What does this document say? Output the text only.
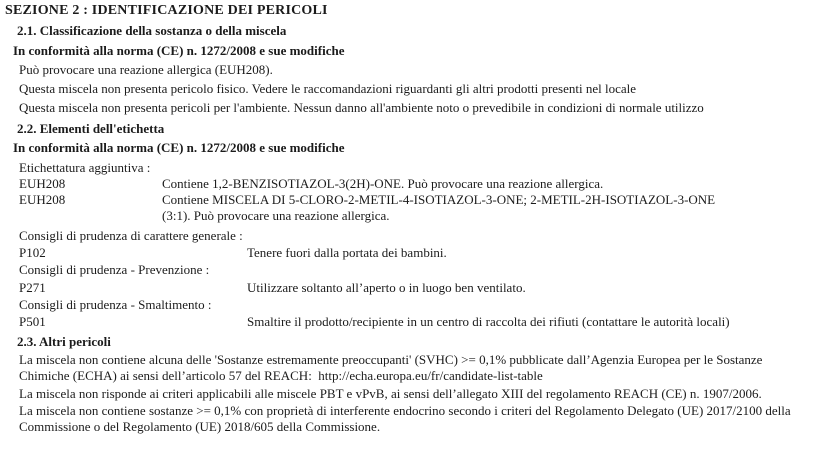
SEZIONE 2 : IDENTIFICAZIONE DEI PERICOLI
2.1. Classificazione della sostanza o della miscela
In conformità alla norma (CE) n. 1272/2008 e sue modifiche
Può provocare una reazione allergica (EUH208).
Questa miscela non presenta pericolo fisico. Vedere le raccomandazioni riguardanti gli altri prodotti presenti nel locale
Questa miscela non presenta pericoli per l'ambiente. Nessun danno all'ambiente noto o prevedibile in condizioni di normale utilizzo
2.2. Elementi dell'etichetta
In conformità alla norma (CE) n. 1272/2008 e sue modifiche
Etichettatura aggiuntiva :
EUH208	Contiene 1,2-BENZISOTIAZOL-3(2H)-ONE. Può provocare una reazione allergica.
EUH208	Contiene MISCELA DI 5-CLORO-2-METIL-4-ISOTIAZOL-3-ONE; 2-METIL-2H-ISOTIAZOL-3-ONE (3:1). Può provocare una reazione allergica.
Consigli di prudenza di carattere generale :
P102	Tenere fuori dalla portata dei bambini.
Consigli di prudenza - Prevenzione :
P271	Utilizzare soltanto all’aperto o in luogo ben ventilato.
Consigli di prudenza - Smaltimento :
P501	Smaltire il prodotto/recipiente in un centro di raccolta dei rifiuti (contattare le autorità locali)
2.3. Altri pericoli
La miscela non contiene alcuna delle 'Sostanze estremamente preoccupanti' (SVHC) >= 0,1% pubblicate dall’Agenzia Europea per le Sostanze Chimiche (ECHA) ai sensi dell’articolo 57 del REACH:  http://echa.europa.eu/fr/candidate-list-table
La miscela non risponde ai criteri applicabili alle miscele PBT e vPvB, ai sensi dell’allegato XIII del regolamento REACH (CE) n. 1907/2006.
La miscela non contiene sostanze >= 0,1% con proprietà di interferente endocrino secondo i criteri del Regolamento Delegato (UE) 2017/2100 della Commissione o del Regolamento (UE) 2018/605 della Commissione.
